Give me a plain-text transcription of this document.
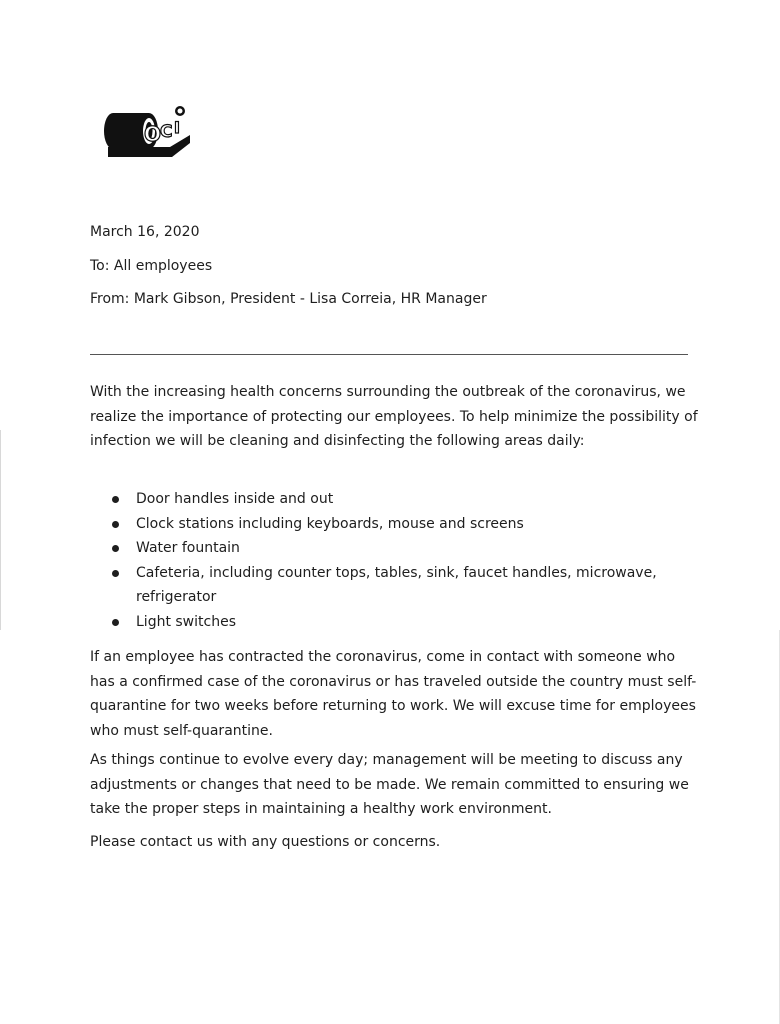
O
C I

March 16, 2020

To: All employees

From: Mark Gibson, President - Lisa Correia, HR Manager

With the increasing health concerns surrounding the outbreak of the coronavirus, we realize the importance of protecting our employees. To help minimize the possibility of infection we will be cleaning and disinfecting the following areas daily:

Door handles inside and out
Clock stations including keyboards, mouse and screens
Water fountain
Cafeteria, including counter tops, tables, sink, faucet handles, microwave, refrigerator
Light switches

If an employee has contracted the coronavirus, come in contact with someone who has a confirmed case of the coronavirus or has traveled outside the country must self-quarantine for two weeks before returning to work. We will excuse time for employees who must self-quarantine.

As things continue to evolve every day; management will be meeting to discuss any adjustments or changes that need to be made. We remain committed to ensuring we take the proper steps in maintaining a healthy work environment.

Please contact us with any questions or concerns.
